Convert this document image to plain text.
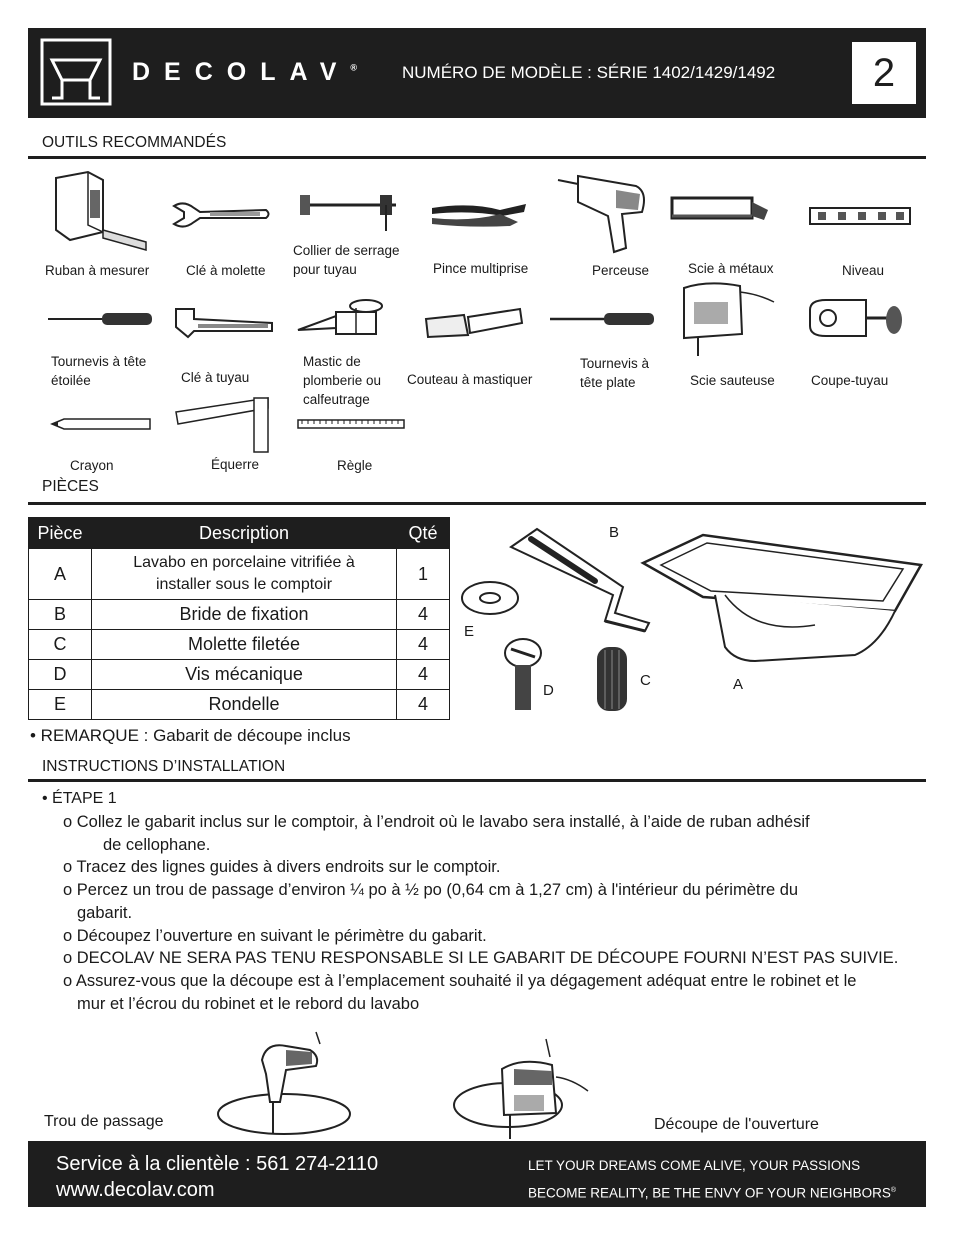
DECOLAV®	NUMÉRO DE MODÈLE : SÉRIE 1402/1429/1492	2
OUTILS RECOMMANDÉS
Ruban à mesurer	Clé à molette
Collier de serrage pour tuyau	Pince multiprise	Perceuse	Scie à métaux	Niveau
Tournevis à tête étoilée	Clé à tuyau
Mastic de plomberie ou calfeutrage
Couteau à mastiquer
Tournevis à tête plate	Scie sauteuse	Coupe-tuyau
Crayon	Équerre	Règle
PIÈCES
Pièce	Description	Qté
A	Lavabo en porcelaine vitrifiée à installer sous le comptoir	1
B	Bride de fixation	4
C	Molette filetée	4
D	Vis mécanique	4
E	Rondelle	4
B
E
D
C	A
• REMARQUE : Gabarit de découpe inclus
INSTRUCTIONS D’INSTALLATION
• ÉTAPE 1
o Collez le gabarit inclus sur le comptoir, à l’endroit où le lavabo sera installé, à l’aide de ruban adhésif
de cellophane.
o Tracez des lignes guides à divers endroits sur le comptoir.
o Percez un trou de passage d’environ ¼ po à ½ po (0,64 cm à 1,27 cm) à l'intérieur du périmètre du
gabarit.
o Découpez l’ouverture en suivant le périmètre du gabarit.
o DECOLAV NE SERA PAS TENU RESPONSABLE SI LE GABARIT DE DÉCOUPE FOURNI N’EST PAS SUIVIE.
o Assurez-vous que la découpe est à l’emplacement souhaité il ya dégagement adéquat entre le robinet et le
mur et l’écrou du robinet et le rebord du lavabo
Trou de passage	Découpe de l'ouverture
Service à la clientèle : 561 274-2110
www.decolav.com
LET YOUR DREAMS COME ALIVE, YOUR PASSIONS
BECOME REALITY, BE THE ENVY OF YOUR NEIGHBORS®
